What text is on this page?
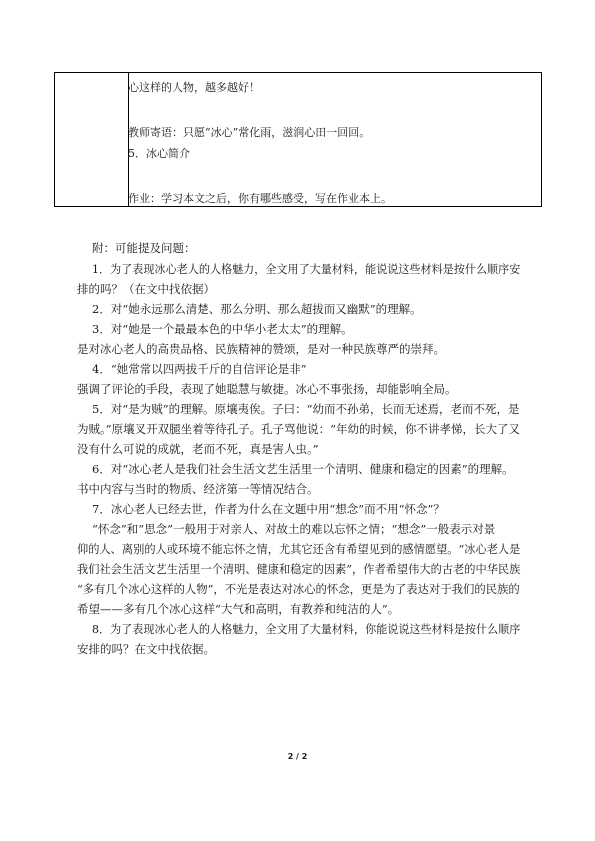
心这样的人物，越多越好！
教师寄语：只愿“冰心”常化雨，滋润心田一回回。
5．冰心简介
作业：学习本文之后，你有哪些感受，写在作业本上。
附：可能提及问题：
1．为了表现冰心老人的人格魅力，全文用了大量材料，能说说这些材料是按什么顺序安
排的吗？（在文中找依据）
2．对“她永远那么清楚、那么分明、那么超拔而又幽默”的理解。
3．对“她是一个最最本色的中华小老太太”的理解。
是对冰心老人的高贵品格、民族精神的赞颂，是对一种民族尊严的崇拜。
4．“她常常以四两拔千斤的自信评论是非”
强调了评论的手段，表现了她聪慧与敏捷。冰心不事张扬，却能影响全局。
5．对“是为贼”的理解。原壤夷俟。子曰：“幼而不孙弟，长而无述焉，老而不死，是
为贼。”原壤叉开双腿坐着等待孔子。孔子骂他说：“年幼的时候，你不讲孝悌，长大了又
没有什么可说的成就，老而不死，真是害人虫。”
6．对“冰心老人是我们社会生活文艺生活里一个清明、健康和稳定的因素”的理解。
书中内容与当时的物质、经济第一等情况结合。
7．冰心老人已经去世，作者为什么在文题中用“想念”而不用“怀念”？
“怀念”和“思念”一般用于对亲人、对故土的难以忘怀之情；“想念”一般表示对景
仰的人、离别的人或环境不能忘怀之情，尤其它还含有希望见到的感情愿望。“冰心老人是
我们社会生活文艺生活里一个清明、健康和稳定的因素”，作者希望伟大的古老的中华民族
“多有几个冰心这样的人物”，不光是表达对冰心的怀念，更是为了表达对于我们的民族的
希望——多有几个冰心这样“大气和高明，有教养和纯洁的人”。
8．为了表现冰心老人的人格魅力，全文用了大量材料，你能说说这些材料是按什么顺序
安排的吗？在文中找依据。
2 / 2
